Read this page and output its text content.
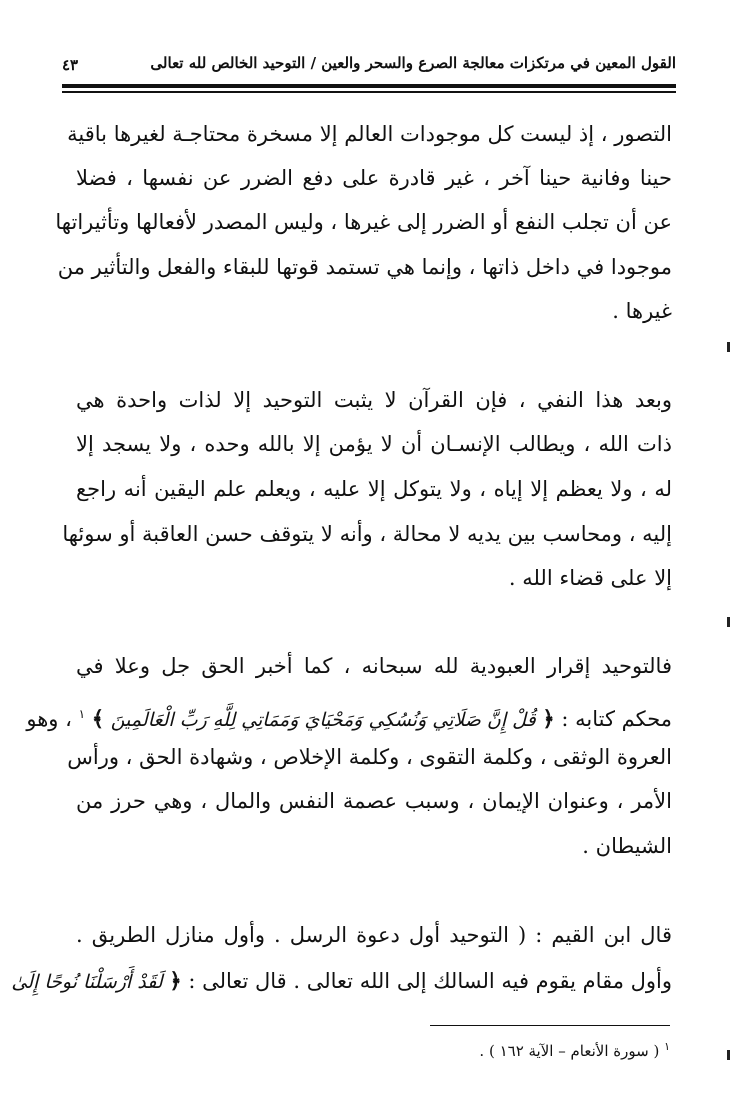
القول المعين في مرتكزات معالجة الصرع والسحر والعين / التوحيد الخالص لله تعالى
٤٣
التصور ، إذ ليست كل موجودات العالم إلا مسخرة محتاجـة لغيرها باقية
حينا وفانية حينا آخر ، غير قادرة على دفع الضرر عن نفسها ، فضلا
عن أن تجلب النفع أو الضرر إلى غيرها ، وليس المصدر لأفعالها وتأثيراتها
موجودا في داخل ذاتها ، وإنما هي تستمد قوتها للبقاء والفعل والتأثير من
غيرها .
وبعد هذا النفي ، فإن القرآن لا يثبت التوحيد إلا لذات واحدة هي
ذات الله ، ويطالب الإنسـان أن لا يؤمن إلا بالله وحده ، ولا يسجد إلا
له ، ولا يعظم إلا إياه ، ولا يتوكل إلا عليه ، ويعلم علم اليقين أنه راجع
إليه ، ومحاسب بين يديه لا محالة ، وأنه لا يتوقف حسن العاقبة أو سوئها
إلا على قضاء الله .
فالتوحيد إقرار العبودية لله سبحانه ، كما أخبر الحق جل وعلا في
محكم كتابه : ﴿ قُلْ إِنَّ صَلَاتِي وَنُسُكِي وَمَحْيَايَ وَمَمَاتِي لِلَّهِ رَبِّ الْعَالَمِينَ ﴾ $^١$ ، وهو
العروة الوثقى ، وكلمة التقوى ، وكلمة الإخلاص ، وشهادة الحق ، ورأس
الأمر ، وعنوان الإيمان ، وسبب عصمة النفس والمال ، وهي حرز من
الشيطان .
قال ابن القيم : ( التوحيد أول دعوة الرسل . وأول منازل الطريق .
وأول مقام يقوم فيه السالك إلى الله تعالى . قال تعالى : ﴿ لَقَدْ أَرْسَلْنَا نُوحًا إِلَىٰ
$^١$ ( سورة الأنعام – الآية ١٦٢ ) .
